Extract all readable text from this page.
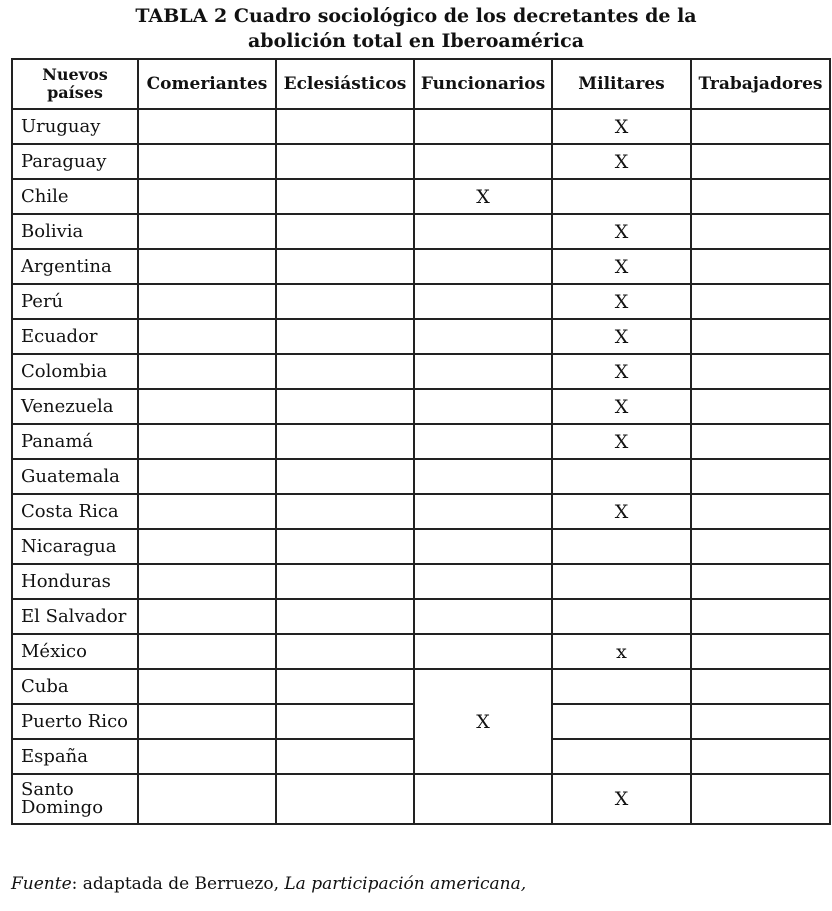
TABLA 2 Cuadro sociológico de los decretantes de la
abolición total en Iberoamérica
Nuevos países	Comeriantes	Eclesiásticos	Funcionarios	Militares	Trabajadores
Uruguay				X	
Paraguay				X	
Chile			X		
Bolivia				X	
Argentina				X	
Perú				X	
Ecuador				X	
Colombia				X	
Venezuela				X	
Panamá				X	
Guatemala					
Costa Rica				X	
Nicaragua					
Honduras					
El Salvador					
México				x	
Cuba			X		
Puerto Rico					
España					
Santo Domingo				X	
Fuente: adaptada de Berruezo, La participación americana,
